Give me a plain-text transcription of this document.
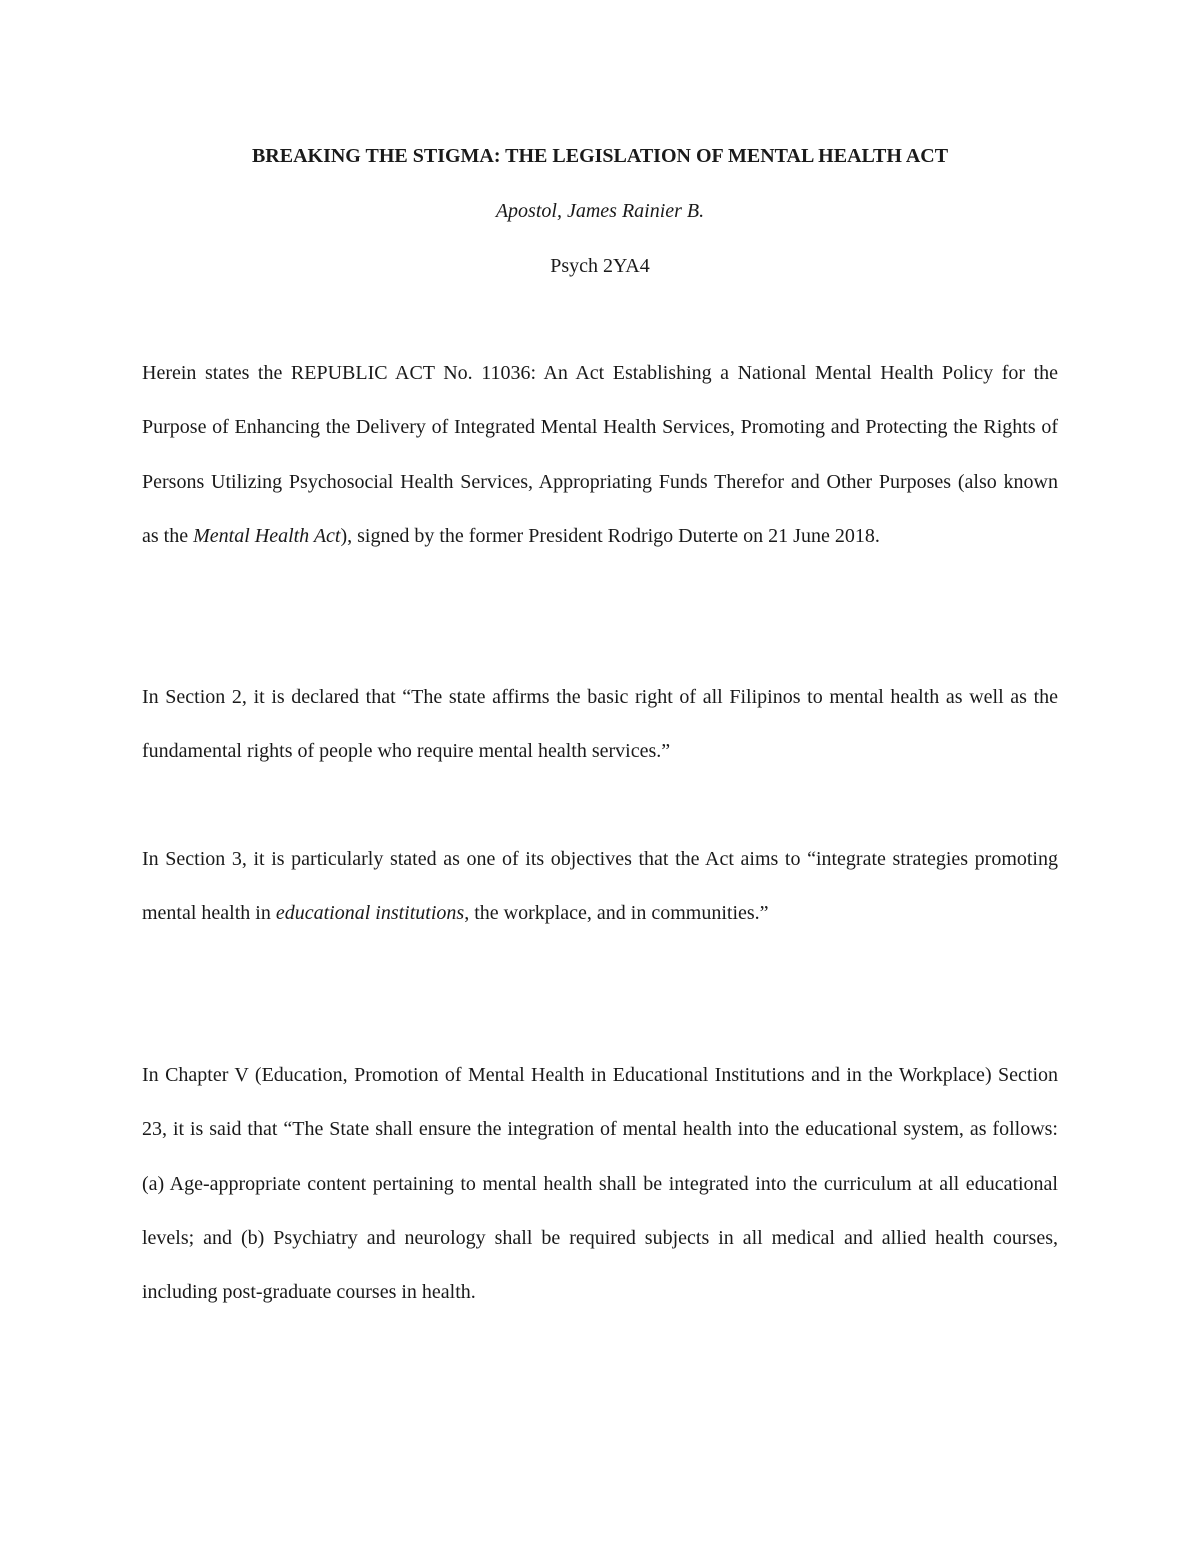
BREAKING THE STIGMA: THE LEGISLATION OF MENTAL HEALTH ACT
Apostol, James Rainier B.
Psych 2YA4

Herein states the REPUBLIC ACT No. 11036: An Act Establishing a National Mental Health Policy for the Purpose of Enhancing the Delivery of Integrated Mental Health Services, Promoting and Protecting the Rights of Persons Utilizing Psychosocial Health Services, Appropriating Funds Therefor and Other Purposes (also known as the Mental Health Act), signed by the former President Rodrigo Duterte on 21 June 2018.

In Section 2, it is declared that “The state affirms the basic right of all Filipinos to mental health as well as the fundamental rights of people who require mental health services.”

In Section 3, it is particularly stated as one of its objectives that the Act aims to “integrate strategies promoting mental health in educational institutions, the workplace, and in communities.”

In Chapter V (Education, Promotion of Mental Health in Educational Institutions and in the Workplace) Section 23, it is said that “The State shall ensure the integration of mental health into the educational system, as follows: (a) Age-appropriate content pertaining to mental health shall be integrated into the curriculum at all educational levels; and (b) Psychiatry and neurology shall be required subjects in all medical and allied health courses, including post-graduate courses in health.
